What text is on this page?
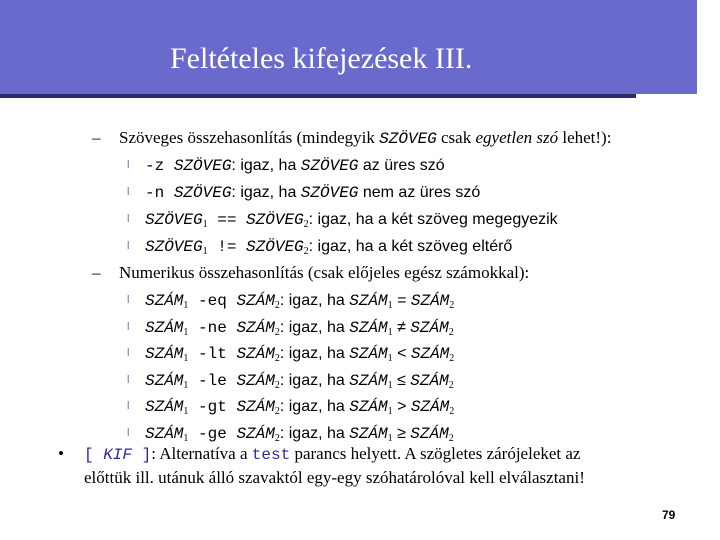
Feltételes kifejezések III.
– Szöveges összehasonlítás (mindegyik SZÖVEG csak egyetlen szó lehet!):
l -z SZÖVEG: igaz, ha SZÖVEG az üres szó
l -n SZÖVEG: igaz, ha SZÖVEG nem az üres szó
l $SZÖVEG_1$ == $SZÖVEG_2$: igaz, ha a két szöveg megegyezik
l $SZÖVEG_1$ != $SZÖVEG_2$: igaz, ha a két szöveg eltérő
– Numerikus összehasonlítás (csak előjeles egész számokkal):
l $SZÁM_1$ -eq $SZÁM_2$: igaz, ha $SZÁM_1$ = $SZÁM_2$
l $SZÁM_1$ -ne $SZÁM_2$: igaz, ha $SZÁM_1$ ≠ $SZÁM_2$
l $SZÁM_1$ -lt $SZÁM_2$: igaz, ha $SZÁM_1$ < $SZÁM_2$
l $SZÁM_1$ -le $SZÁM_2$: igaz, ha $SZÁM_1$ ≤ $SZÁM_2$
l $SZÁM_1$ -gt $SZÁM_2$: igaz, ha $SZÁM_1$ > $SZÁM_2$
l $SZÁM_1$ -ge $SZÁM_2$: igaz, ha $SZÁM_1$ ≥ $SZÁM_2$
• [ KIF ]: Alternatíva a test parancs helyett. A szögletes zárójeleket az
előttük ill. utánuk álló szavaktól egy-egy szóhatárolóval kell elválasztani!
79
